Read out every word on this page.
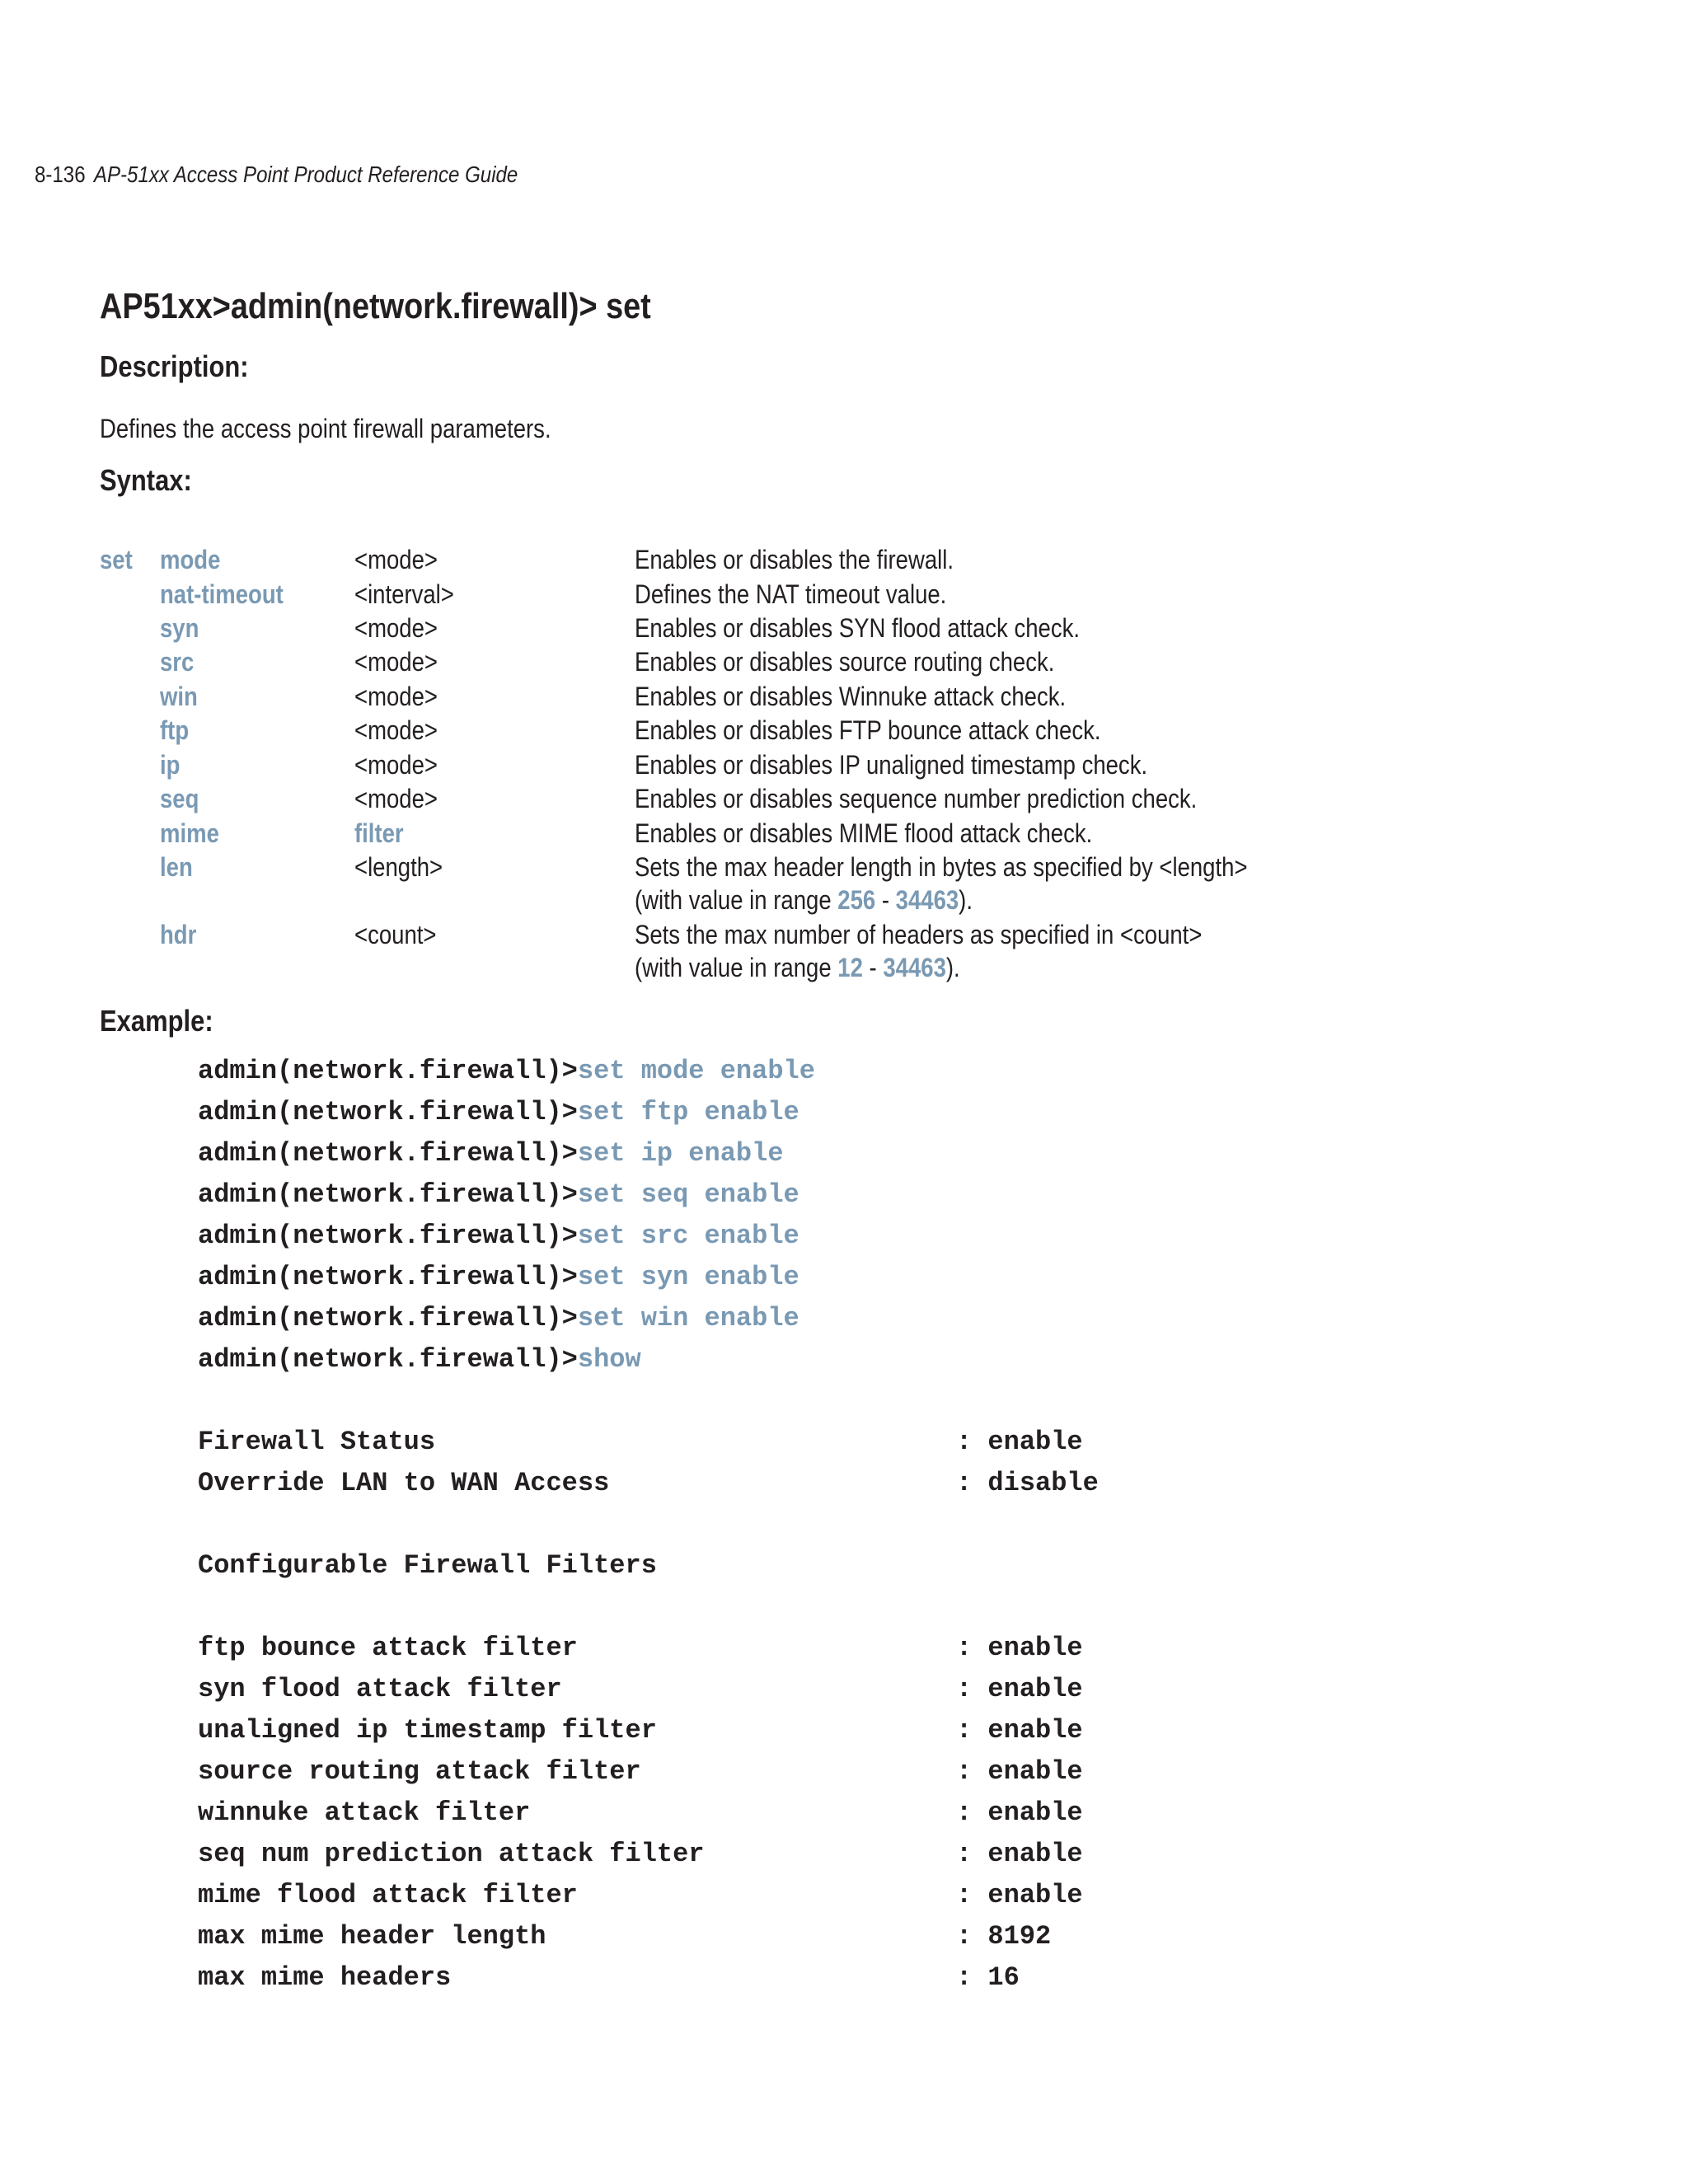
8-136 AP-51xx Access Point Product Reference Guide
AP51xx>admin(network.firewall)> set
Description:
Defines the access point firewall parameters.
Syntax:
set mode	<mode>	Enables or disables the firewall.
nat-timeout	<interval>	Defines the NAT timeout value.
syn	<mode>	Enables or disables SYN flood attack check.
src	<mode>	Enables or disables source routing check.
win	<mode>	Enables or disables Winnuke attack check.
ftp	<mode>	Enables or disables FTP bounce attack check.
ip	<mode>	Enables or disables IP unaligned timestamp check.
seq	<mode>	Enables or disables sequence number prediction check.
mime	filter	Enables or disables MIME flood attack check.
len	<length>	Sets the max header length in bytes as specified by <length>
(with value in range 256 - 34463).
hdr	<count>	Sets the max number of headers as specified in <count>
(with value in range 12 - 34463).
Example:
admin(network.firewall)>set mode enable
admin(network.firewall)>set ftp enable
admin(network.firewall)>set ip enable
admin(network.firewall)>set seq enable
admin(network.firewall)>set src enable
admin(network.firewall)>set syn enable
admin(network.firewall)>set win enable
admin(network.firewall)>show
Firewall Status	: enable
Override LAN to WAN Access	: disable
Configurable Firewall Filters
ftp bounce attack filter	: enable
syn flood attack filter	: enable
unaligned ip timestamp filter	: enable
source routing attack filter	: enable
winnuke attack filter	: enable
seq num prediction attack filter	: enable
mime flood attack filter	: enable
max mime header length	: 8192
max mime headers	: 16
